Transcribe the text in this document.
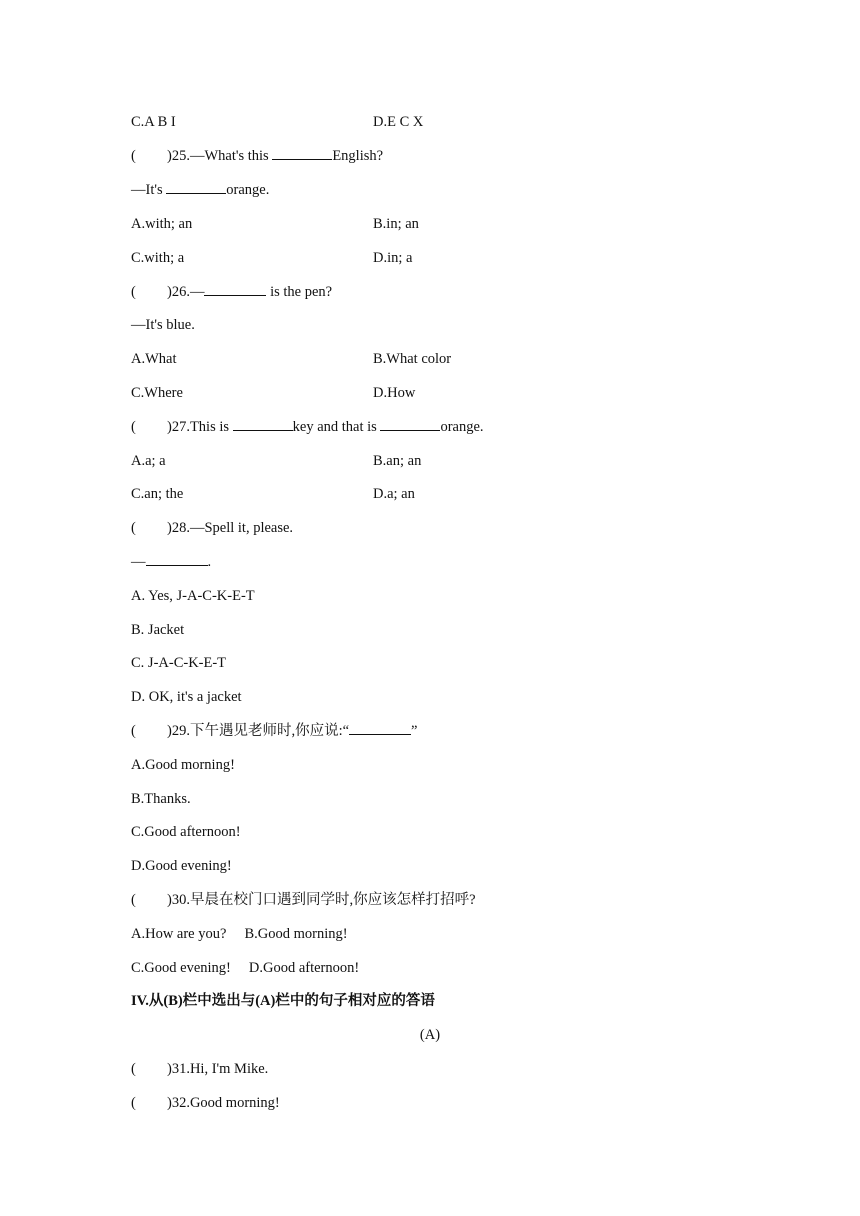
C.A B I	D.E C X
( )25.—What's this	English?
—It's	orange.
A.with; an	B.in; an
C.with; a	D.in; a
( )26.—	is the pen?
—It's blue.
A.What	B.What color
C.Where	D.How
( )27.This is	key and that is	orange.
A.a; a	B.an; an
C.an; the	D.a; an
( )28.—Spell it, please.
—	.
A. Yes, J-A-C-K-E-T
B. Jacket
C. J-A-C-K-E-T
D. OK, it's a jacket
( )29.下午遇见老师时,你应说:“	”
A.Good morning!
B.Thanks.
C.Good afternoon!
D.Good evening!
( )30.早晨在校门口遇到同学时,你应该怎样打招呼?
A.How are you? B.Good morning!
C.Good evening! D.Good afternoon!
IV.从(B)栏中选出与(A)栏中的句子相对应的答语
(A)
( )31.Hi, I'm Mike.
( )32.Good morning!
